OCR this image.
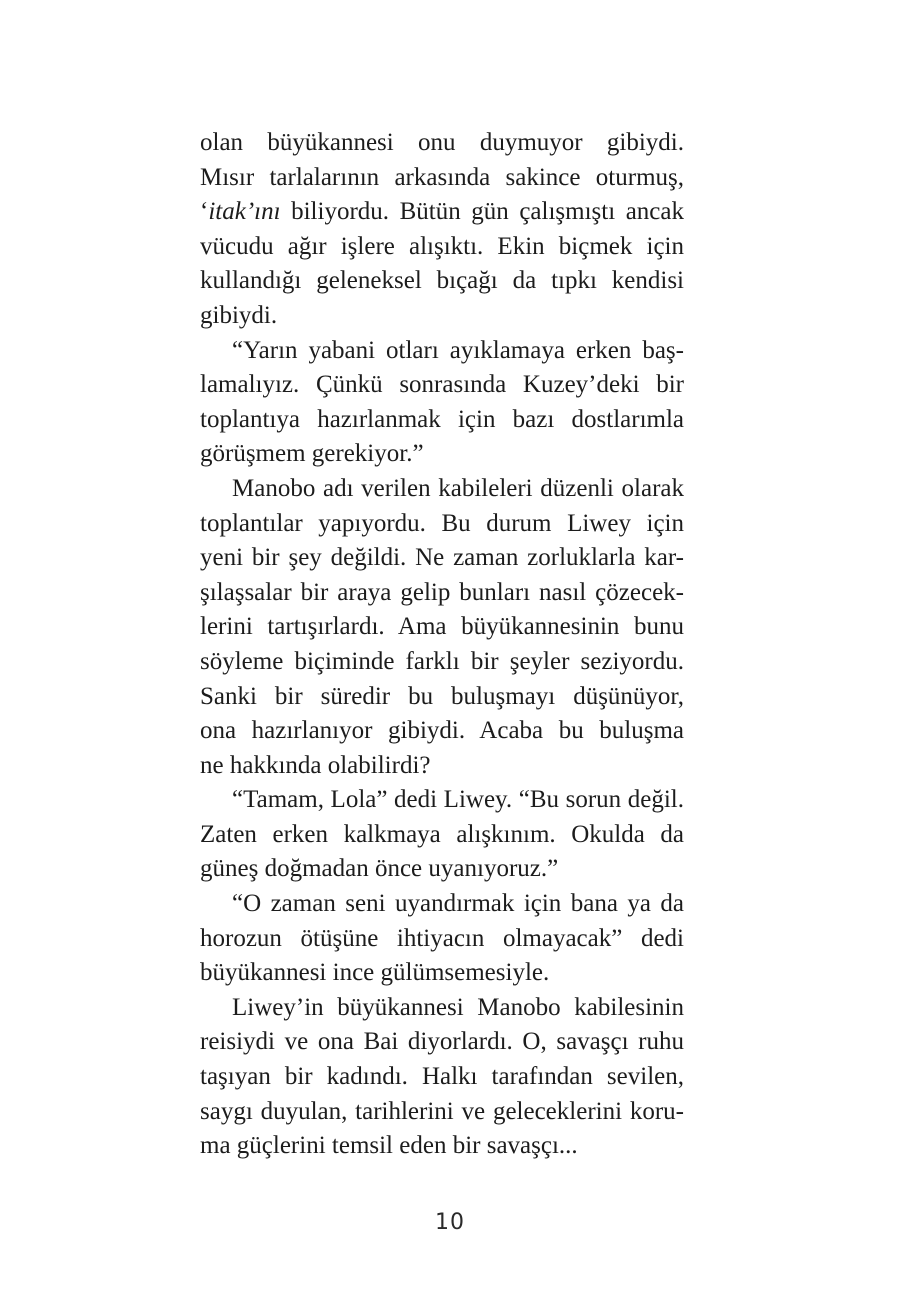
olan büyükannesi onu duymuyor gibiydi.
Mısır tarlalarının arkasında sakince oturmuş,
‘itak’ını biliyordu. Bütün gün çalışmıştı ancak
vücudu ağır işlere alışıktı. Ekin biçmek için
kullandığı geleneksel bıçağı da tıpkı kendisi
gibiydi.
“Yarın yabani otları ayıklamaya erken baş-
lamalıyız. Çünkü sonrasında Kuzey’deki bir
toplantıya hazırlanmak için bazı dostlarımla
görüşmem gerekiyor.”
Manobo adı verilen kabileleri düzenli olarak
toplantılar yapıyordu. Bu durum Liwey için
yeni bir şey değildi. Ne zaman zorluklarla kar-
şılaşsalar bir araya gelip bunları nasıl çözecek-
lerini tartışırlardı. Ama büyükannesinin bunu
söyleme biçiminde farklı bir şeyler seziyordu.
Sanki bir süredir bu buluşmayı düşünüyor,
ona hazırlanıyor gibiydi. Acaba bu buluşma
ne hakkında olabilirdi?
“Tamam, Lola” dedi Liwey. “Bu sorun değil.
Zaten erken kalkmaya alışkınım. Okulda da
güneş doğmadan önce uyanıyoruz.”
“O zaman seni uyandırmak için bana ya da
horozun ötüşüne ihtiyacın olmayacak” dedi
büyükannesi ince gülümsemesiyle.
Liwey’in büyükannesi Manobo kabilesinin
reisiydi ve ona Bai diyorlardı. O, savaşçı ruhu
taşıyan bir kadındı. Halkı tarafından sevilen,
saygı duyulan, tarihlerini ve geleceklerini koru-
ma güçlerini temsil eden bir savaşçı...
10
